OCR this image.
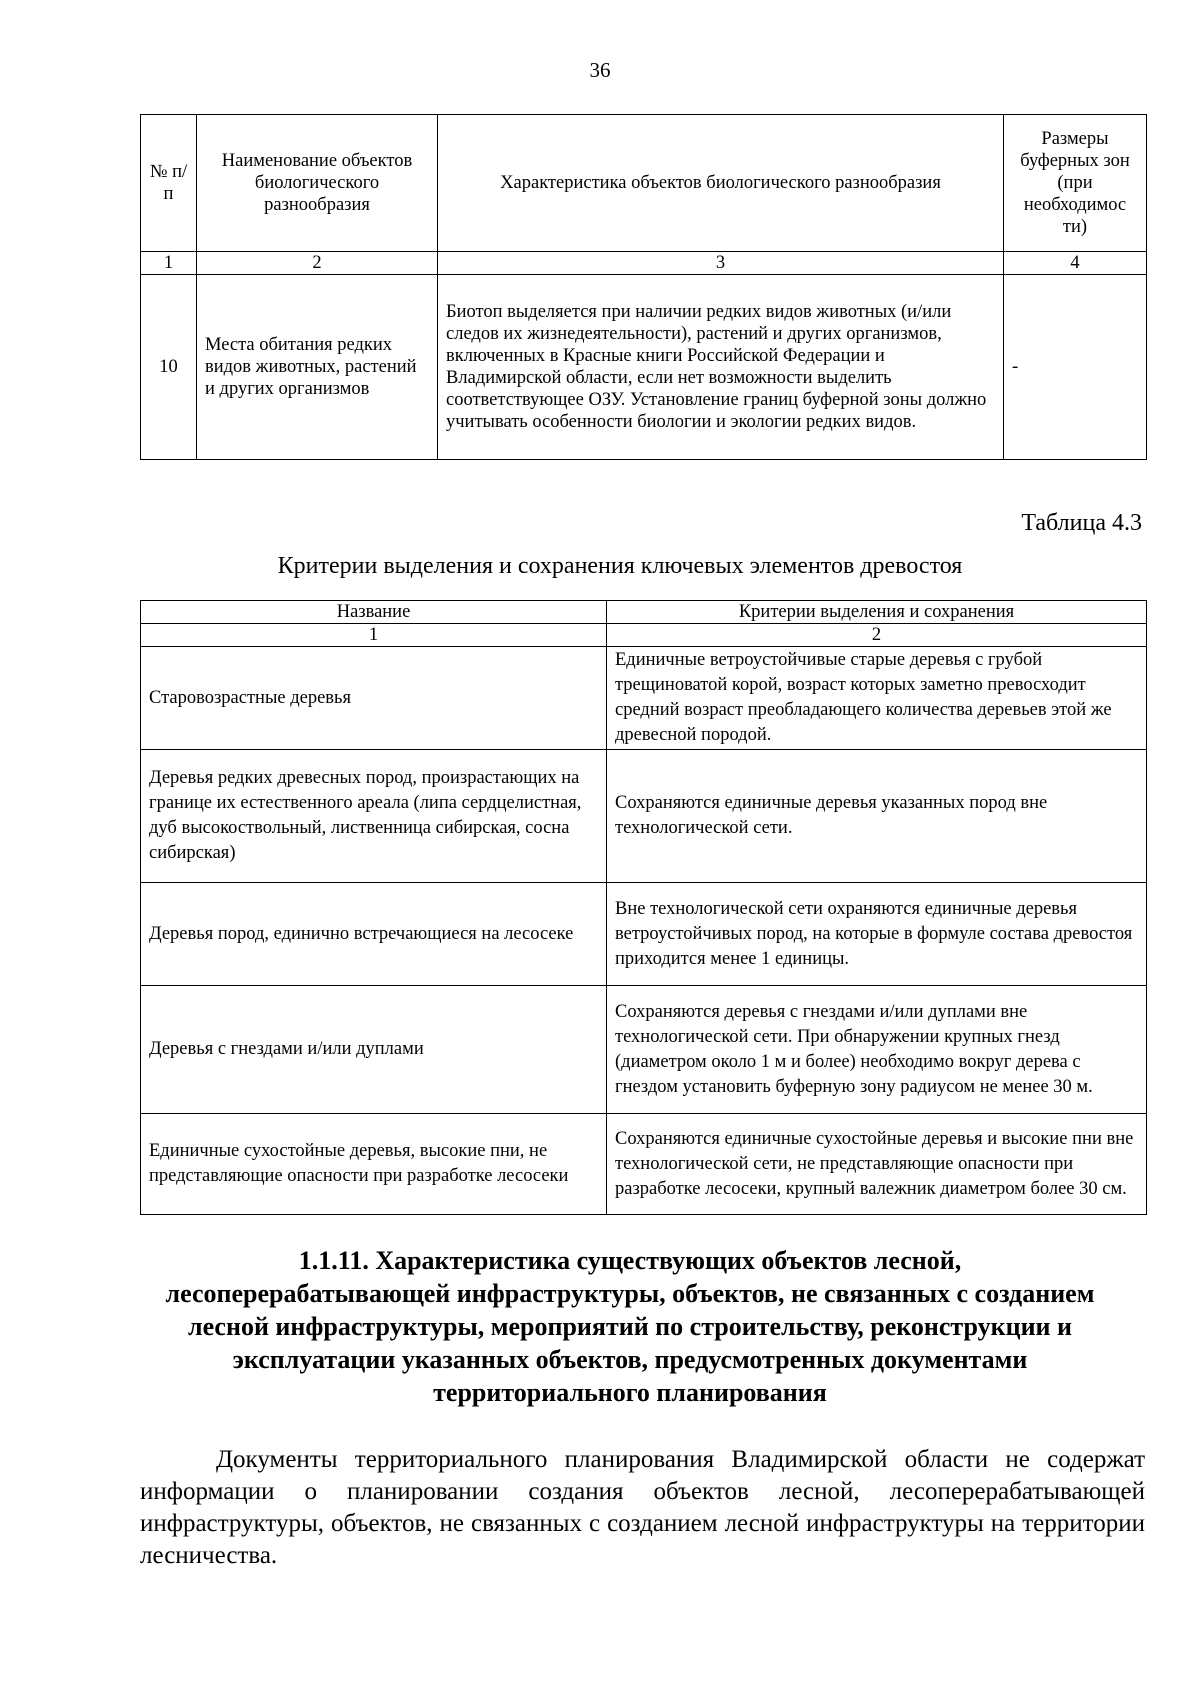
36
№ п/п	Наименование объектов биологического разнообразия	Характеристика объектов биологического разнообразия	Размеры буферных зон (при необходимос ти)
1	2	3	4
10	Места обитания редких видов животных, растений и других организмов	Биотоп выделяется при наличии редких видов животных (и/или следов их жизнедеятельности), растений и других организмов, включенных в Красные книги Российской Федерации и Владимирской области, если нет возможности выделить соответствующее ОЗУ. Установление границ буферной зоны должно учитывать особенности биологии и экологии редких видов.	-
Таблица 4.3
Критерии выделения и сохранения ключевых элементов древостоя
Название	Критерии выделения и сохранения
1	2
Старовозрастные деревья	Единичные ветроустойчивые старые деревья с грубой трещиноватой корой, возраст которых заметно превосходит средний возраст преобладающего количества деревьев этой же древесной породой.
Деревья редких древесных пород, произрастающих на границе их естественного ареала (липа сердцелистная, дуб высокоствольный, лиственница сибирская, сосна сибирская)	Сохраняются единичные деревья указанных пород вне технологической сети.
Деревья пород, единично встречающиеся на лесосеке	Вне технологической сети охраняются единичные деревья ветроустойчивых пород, на которые в формуле состава древостоя приходится менее 1 единицы.
Деревья с гнездами и/или дуплами	Сохраняются деревья с гнездами и/или дуплами вне технологической сети. При обнаружении крупных гнезд (диаметром около 1 м и более) необходимо вокруг дерева с гнездом установить буферную зону радиусом не менее 30 м.
Единичные сухостойные деревья, высокие пни, не представляющие опасности при разработке лесосеки	Сохраняются единичные сухостойные деревья и высокие пни вне технологической сети, не представляющие опасности при разработке лесосеки, крупный валежник диаметром более 30 см.
1.1.11. Характеристика существующих объектов лесной, лесоперерабатывающей инфраструктуры, объектов, не связанных с созданием лесной инфраструктуры, мероприятий по строительству, реконструкции и эксплуатации указанных объектов, предусмотренных документами территориального планирования
Документы территориального планирования Владимирской области не содержат информации о планировании создания объектов лесной, лесоперерабатывающей инфраструктуры, объектов, не связанных с созданием лесной инфраструктуры на территории лесничества.
